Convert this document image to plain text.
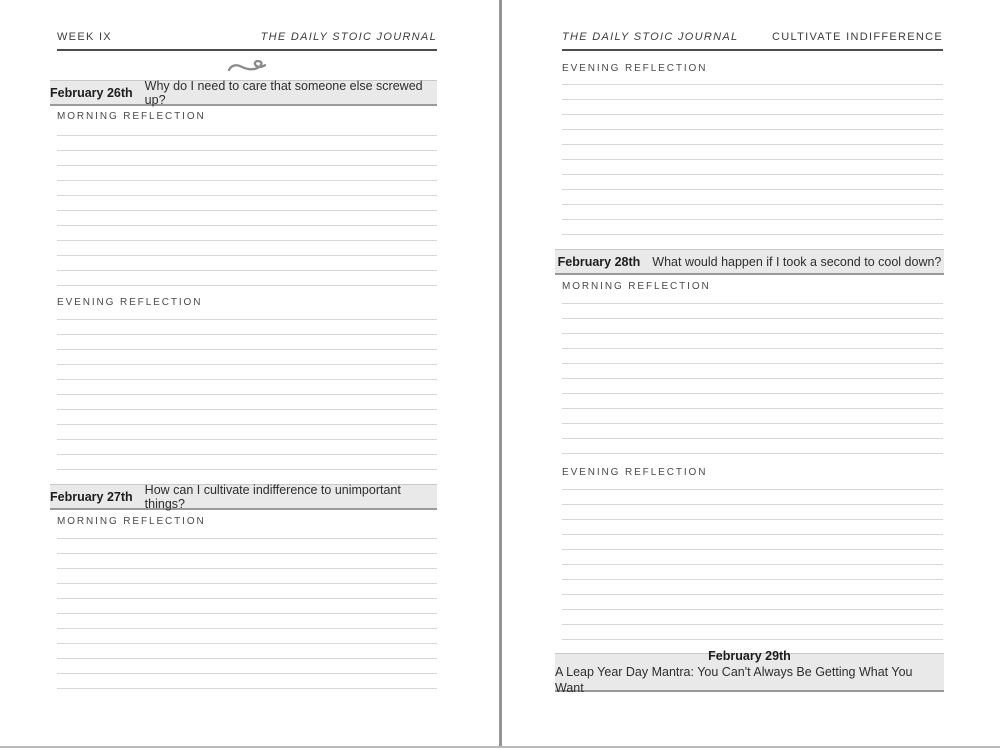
WEEK IX	THE DAILY STOIC JOURNAL
February 26th Why do I need to care that someone else screwed up?
MORNING REFLECTION
EVENING REFLECTION
February 27th How can I cultivate indifference to unimportant things?
MORNING REFLECTION
THE DAILY STOIC JOURNAL	CULTIVATE INDIFFERENCE
EVENING REFLECTION
February 28th What would happen if I took a second to cool down?
MORNING REFLECTION
EVENING REFLECTION
February 29th
A Leap Year Day Mantra: You Can't Always Be Getting What You Want
